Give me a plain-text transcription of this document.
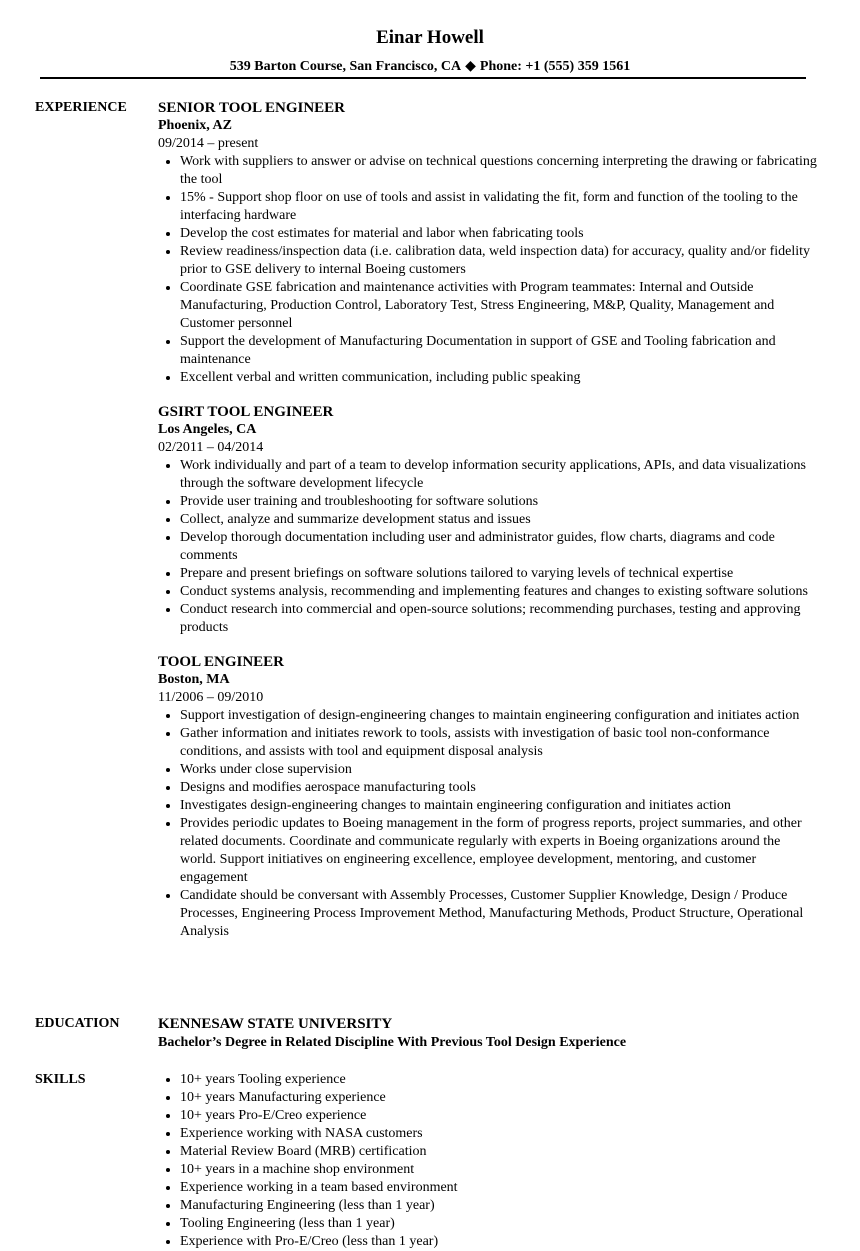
Einar Howell
539 Barton Course, San Francisco, CA ◆ Phone: +1 (555) 359 1561
EXPERIENCE SENIOR TOOL ENGINEER
Phoenix, AZ
09/2014 – present
• Work with suppliers to answer or advise on technical questions concerning interpreting the drawing or fabricating the tool
• 15% - Support shop floor on use of tools and assist in validating the fit, form and function of the tooling to the interfacing hardware
• Develop the cost estimates for material and labor when fabricating tools
• Review readiness/inspection data (i.e. calibration data, weld inspection data) for accuracy, quality and/or fidelity prior to GSE delivery to internal Boeing customers
• Coordinate GSE fabrication and maintenance activities with Program teammates: Internal and Outside Manufacturing, Production Control, Laboratory Test, Stress Engineering, M&P, Quality, Management and Customer personnel
• Support the development of Manufacturing Documentation in support of GSE and Tooling fabrication and maintenance
• Excellent verbal and written communication, including public speaking
GSIRT TOOL ENGINEER
Los Angeles, CA
02/2011 – 04/2014
• Work individually and part of a team to develop information security applications, APIs, and data visualizations through the software development lifecycle
• Provide user training and troubleshooting for software solutions
• Collect, analyze and summarize development status and issues
• Develop thorough documentation including user and administrator guides, flow charts, diagrams and code comments
• Prepare and present briefings on software solutions tailored to varying levels of technical expertise
• Conduct systems analysis, recommending and implementing features and changes to existing software solutions
• Conduct research into commercial and open-source solutions; recommending purchases, testing and approving products
TOOL ENGINEER
Boston, MA
11/2006 – 09/2010
• Support investigation of design-engineering changes to maintain engineering configuration and initiates action
• Gather information and initiates rework to tools, assists with investigation of basic tool non-conformance conditions, and assists with tool and equipment disposal analysis
• Works under close supervision
• Designs and modifies aerospace manufacturing tools
• Investigates design-engineering changes to maintain engineering configuration and initiates action
• Provides periodic updates to Boeing management in the form of progress reports, project summaries, and other related documents. Coordinate and communicate regularly with experts in Boeing organizations around the world. Support initiatives on engineering excellence, employee development, mentoring, and customer engagement
• Candidate should be conversant with Assembly Processes, Customer Supplier Knowledge, Design / Produce Processes, Engineering Process Improvement Method, Manufacturing Methods, Product Structure, Operational Analysis
EDUCATION	KENNESAW STATE UNIVERSITY
Bachelor’s Degree in Related Discipline With Previous Tool Design Experience
SKILLS
•	10+ years Tooling experience
• 10+ years Manufacturing experience
• 10+ years Pro-E/Creo experience
• Experience working with NASA customers
• Material Review Board (MRB) certification
• 10+ years in a machine shop environment
• Experience working in a team based environment
• Manufacturing Engineering (less than 1 year)
• Tooling Engineering (less than 1 year)
• Experience with Pro-E/Creo (less than 1 year)
